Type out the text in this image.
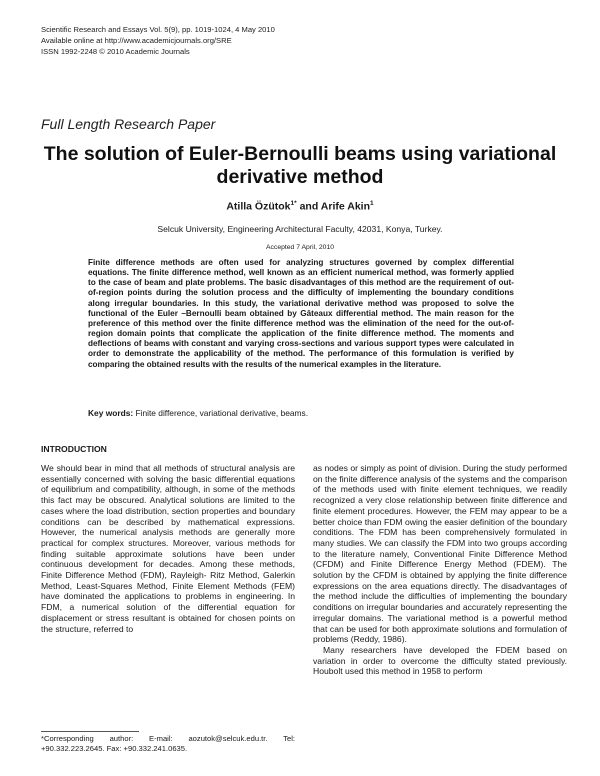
Scientific Research and Essays Vol. 5(9), pp. 1019-1024, 4 May 2010
Available online at http://www.academicjournals.org/SRE
ISSN 1992-2248 © 2010 Academic Journals
Full Length Research Paper
The solution of Euler-Bernoulli beams using variational derivative method
Atilla Özütok$^{1*}$ and Arife Akin$^1$
Selcuk University, Engineering Architectural Faculty, 42031, Konya, Turkey.
Accepted 7 April, 2010
Finite difference methods are often used for analyzing structures governed by complex differential equations. The finite difference method, well known as an efficient numerical method, was formerly applied to the case of beam and plate problems. The basic disadvantages of this method are the requirement of out-of-region points during the solution process and the difficulty of implementing the boundary conditions along irregular boundaries. In this study, the variational derivative method was proposed to solve the functional of the Euler –Bernoulli beam obtained by Gâteaux differential method. The main reason for the preference of this method over the finite difference method was the elimination of the need for the out-of-region domain points that complicate the application of the finite difference method. The moments and deflections of beams with constant and varying cross-sections and various support types were calculated in order to demonstrate the applicability of the method. The performance of this formulation is verified by comparing the obtained results with the results of the numerical examples in the literature.
Key words: Finite difference, variational derivative, beams.
INTRODUCTION

We should bear in mind that all methods of structural analysis are essentially concerned with solving the basic differential equations of equilibrium and compatibility, although, in some of the methods this fact may be obscured. Analytical solutions are limited to the cases where the load distribution, section properties and boundary conditions can be described by mathematical expressions. However, the numerical analysis methods are generally more practical for complex structures. Moreover, various methods for finding suitable approximate solutions have been under continuous development for decades. Among these methods, Finite Difference Method (FDM), Rayleigh- Ritz Method, Galerkin Method, Least-Squares Method, Finite Element Methods (FEM) have dominated the applications to problems in engineering. In FDM, a numerical solution of the differential equation for displacement or stress resultant is obtained for chosen points on the structure, referred to

as nodes or simply as point of division. During the study performed on the finite difference analysis of the systems and the comparison of the methods used with finite element techniques, we readily recognized a very close relationship between finite difference and finite element procedures. However, the FEM may appear to be a better choice than FDM owing the easier definition of the boundary conditions. The FDM has been comprehensively formulated in many studies. We can classify the FDM into two groups according to the literature namely, Conventional Finite Difference Method (CFDM) and Finite Difference Energy Method (FDEM). The solution by the CFDM is obtained by applying the finite difference expressions on the area equations directly. The disadvantages of the method include the difficulties of implementing the boundary conditions on irregular boundaries and accurately representing the irregular domains. The variational method is a powerful method that can be used for both approximate solutions and formulation of problems (Reddy, 1986).

Many researchers have developed the FDEM based on variation in order to overcome the difficulty stated previously. Houbolt used this method in 1958 to perform

*Corresponding author: E-mail: aozutok@selcuk.edu.tr. Tel: +90.332.223.2645. Fax: +90.332.241.0635.
